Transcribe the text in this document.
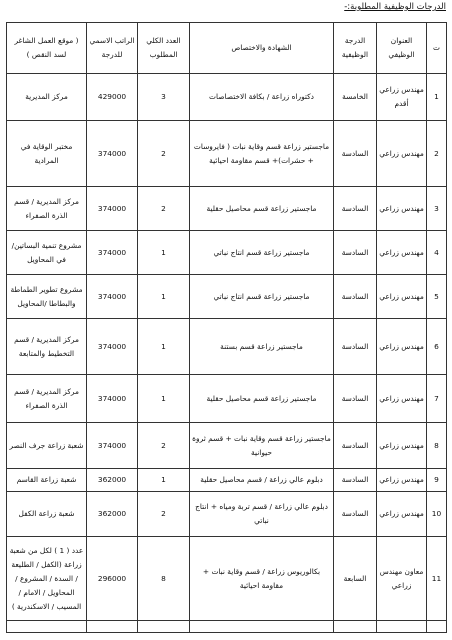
الدرجات الوظيفية المطلوبة:-
ت	العنوان الوظيفي	الدرجة الوظيفية	الشهادة والاختصاص	العدد الكلي المطلوب	الراتب الاسمي للدرجة	( موقع العمل الشاغر لسد النقص )
1	مهندس زراعي أقدم	الخامسة	دكتوراه زراعة / بكافة الاختصاصات	3	429000	مركز المديرية
2	مهندس زراعي	السادسة	ماجستير زراعة قسم وقاية نبات ( فايروسات + حشرات)+ قسم مقاومة احيائية	2	374000	مختبر الوقاية في المرادية
3	مهندس زراعي	السادسة	ماجستير زراعة قسم محاصيل حقلية	2	374000	مركز المديرية / قسم الذرة الصفراء
4	مهندس زراعي	السادسة	ماجستير زراعة قسم انتاج نباتي	1	374000	مشروع تنمية البساتين/ في المحاويل
5	مهندس زراعي	السادسة	ماجستير زراعة قسم انتاج نباتي	1	374000	مشروع تطوير الطماطة والبطاطا /المحاويل
6	مهندس زراعي	السادسة	ماجستير زراعة قسم بستنة	1	374000	مركز المديرية / قسم التخطيط والمتابعة
7	مهندس زراعي	السادسة	ماجستير زراعة قسم محاصيل حقلية	1	374000	مركز المديرية / قسم الذرة الصفراء
8	مهندس زراعي	السادسة	ماجستير زراعة قسم وقاية نبات + قسم ثروة حيوانية	2	374000	شعبة زراعة جرف النصر
9	مهندس زراعي	السادسة	دبلوم عالي زراعة / قسم محاصيل حقلية	1	362000	شعبة زراعة القاسم
10	مهندس زراعي	السادسة	دبلوم عالي زراعة / قسم تربة ومياه + انتاج نباتي	2	362000	شعبة زراعة الكفل
11	معاون مهندس زراعي	السابعة	بكالوريوس زراعة / قسم وقاية نبات + مقاومة احيائية	8	296000	عدد ( 1 ) لكل من شعبة زراعة (الكفل / الطليعة / السدة / المشروع / المحاويل / الامام / المسيب / الاسكندرية )
